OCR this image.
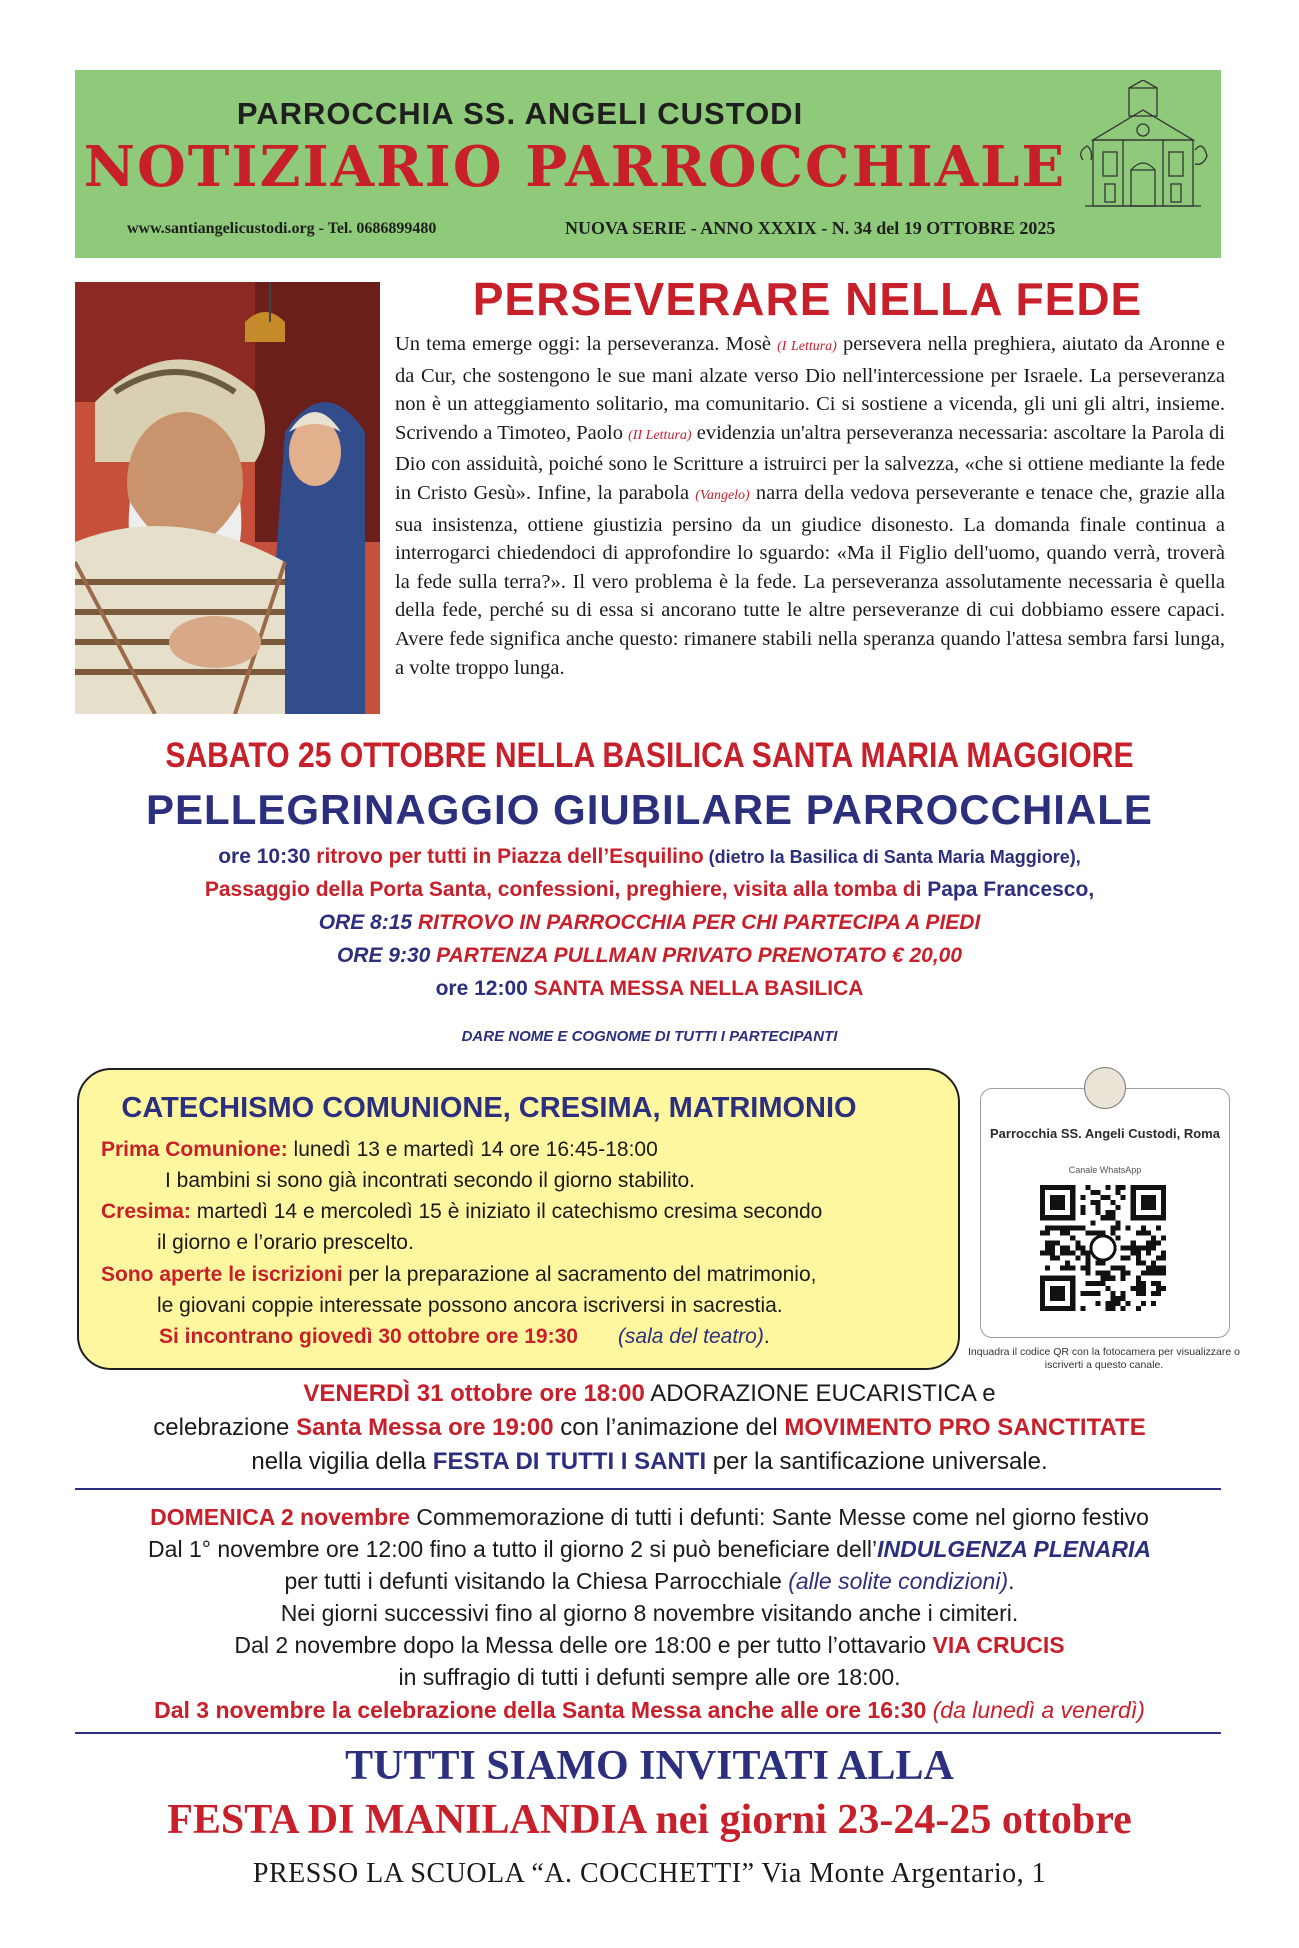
PARROCCHIA SS. ANGELI CUSTODI
NOTIZIARIO PARROCCHIALE
www.santiangelicustodi.org - Tel. 0686899480	NUOVA SERIE - ANNO XXXIX - N. 34 del 19 OTTOBRE 2025
PERSEVERARE NELLA FEDE
Un tema emerge oggi: la perseveranza. Mosè (I Lettura) persevera nella preghiera, aiutato da Aronne e da Cur, che sostengono le sue mani alzate verso Dio nell'intercessione per Israele. La perseveranza non è un atteggiamento solitario, ma comunitario. Ci si sostiene a vicenda, gli uni gli altri, insieme. Scrivendo a Timoteo, Paolo (II Lettura) evidenzia un'altra perseveranza necessaria: ascoltare la Parola di Dio con assiduità, poiché sono le Scritture a istruirci per la salvezza, «che si ottiene mediante la fede in Cristo Gesù». Infine, la parabola (Vangelo) narra della vedova perseverante e tenace che, grazie alla sua insistenza, ottiene giustizia persino da un giudice disonesto. La domanda finale continua a interrogarci chiedendoci di approfondire lo sguardo: «Ma il Figlio dell'uomo, quando verrà, troverà la fede sulla terra?». Il vero problema è la fede. La perseveranza assolutamente necessaria è quella della fede, perché su di essa si ancorano tutte le altre perseveranze di cui dobbiamo essere capaci. Avere fede significa anche questo: rimanere stabili nella speranza quando l'attesa sembra farsi lunga, a volte troppo lunga.
SABATO 25 OTTOBRE NELLA BASILICA SANTA MARIA MAGGIORE
PELLEGRINAGGIO GIUBILARE PARROCCHIALE
ore 10:30 ritrovo per tutti in Piazza dell’Esquilino (dietro la Basilica di Santa Maria Maggiore),
Passaggio della Porta Santa, confessioni, preghiere, visita alla tomba di Papa Francesco,
ORE 8:15 RITROVO IN PARROCCHIA PER CHI PARTECIPA A PIEDI
ORE 9:30 PARTENZA PULLMAN PRIVATO PRENOTATO € 20,00
ore 12:00 SANTA MESSA NELLA BASILICA
DARE NOME E COGNOME DI TUTTI I PARTECIPANTI
CATECHISMO COMUNIONE, CRESIMA, MATRIMONIO
Prima Comunione: lunedì 13 e martedì 14 ore 16:45-18:00
I bambini si sono già incontrati secondo il giorno stabilito.
Cresima: martedì 14 e mercoledì 15 è iniziato il catechismo cresima secondo
il giorno e l’orario prescelto.
Sono aperte le iscrizioni per la preparazione al sacramento del matrimonio,
le giovani coppie interessate possono ancora iscriversi in sacrestia.
Si incontrano giovedì 30 ottobre ore 19:30 (sala del teatro).
Parrocchia SS. Angeli Custodi, Roma
Canale WhatsApp
Inquadra il codice QR con la fotocamera per visualizzare o iscriverti a questo canale.
VENERDÌ 31 ottobre ore 18:00 ADORAZIONE EUCARISTICA e
celebrazione Santa Messa ore 19:00 con l’animazione del MOVIMENTO PRO SANCTITATE
nella vigilia della FESTA DI TUTTI I SANTI per la santificazione universale.
DOMENICA 2 novembre Commemorazione di tutti i defunti: Sante Messe come nel giorno festivo
Dal 1° novembre ore 12:00 fino a tutto il giorno 2 si può beneficiare dell’INDULGENZA PLENARIA
per tutti i defunti visitando la Chiesa Parrocchiale (alle solite condizioni).
Nei giorni successivi fino al giorno 8 novembre visitando anche i cimiteri.
Dal 2 novembre dopo la Messa delle ore 18:00 e per tutto l’ottavario VIA CRUCIS
in suffragio di tutti i defunti sempre alle ore 18:00.
Dal 3 novembre la celebrazione della Santa Messa anche alle ore 16:30 (da lunedì a venerdì)
TUTTI SIAMO INVITATI ALLA
FESTA DI MANILANDIA nei giorni 23-24-25 ottobre
PRESSO LA SCUOLA “A. COCCHETTI” Via Monte Argentario, 1
